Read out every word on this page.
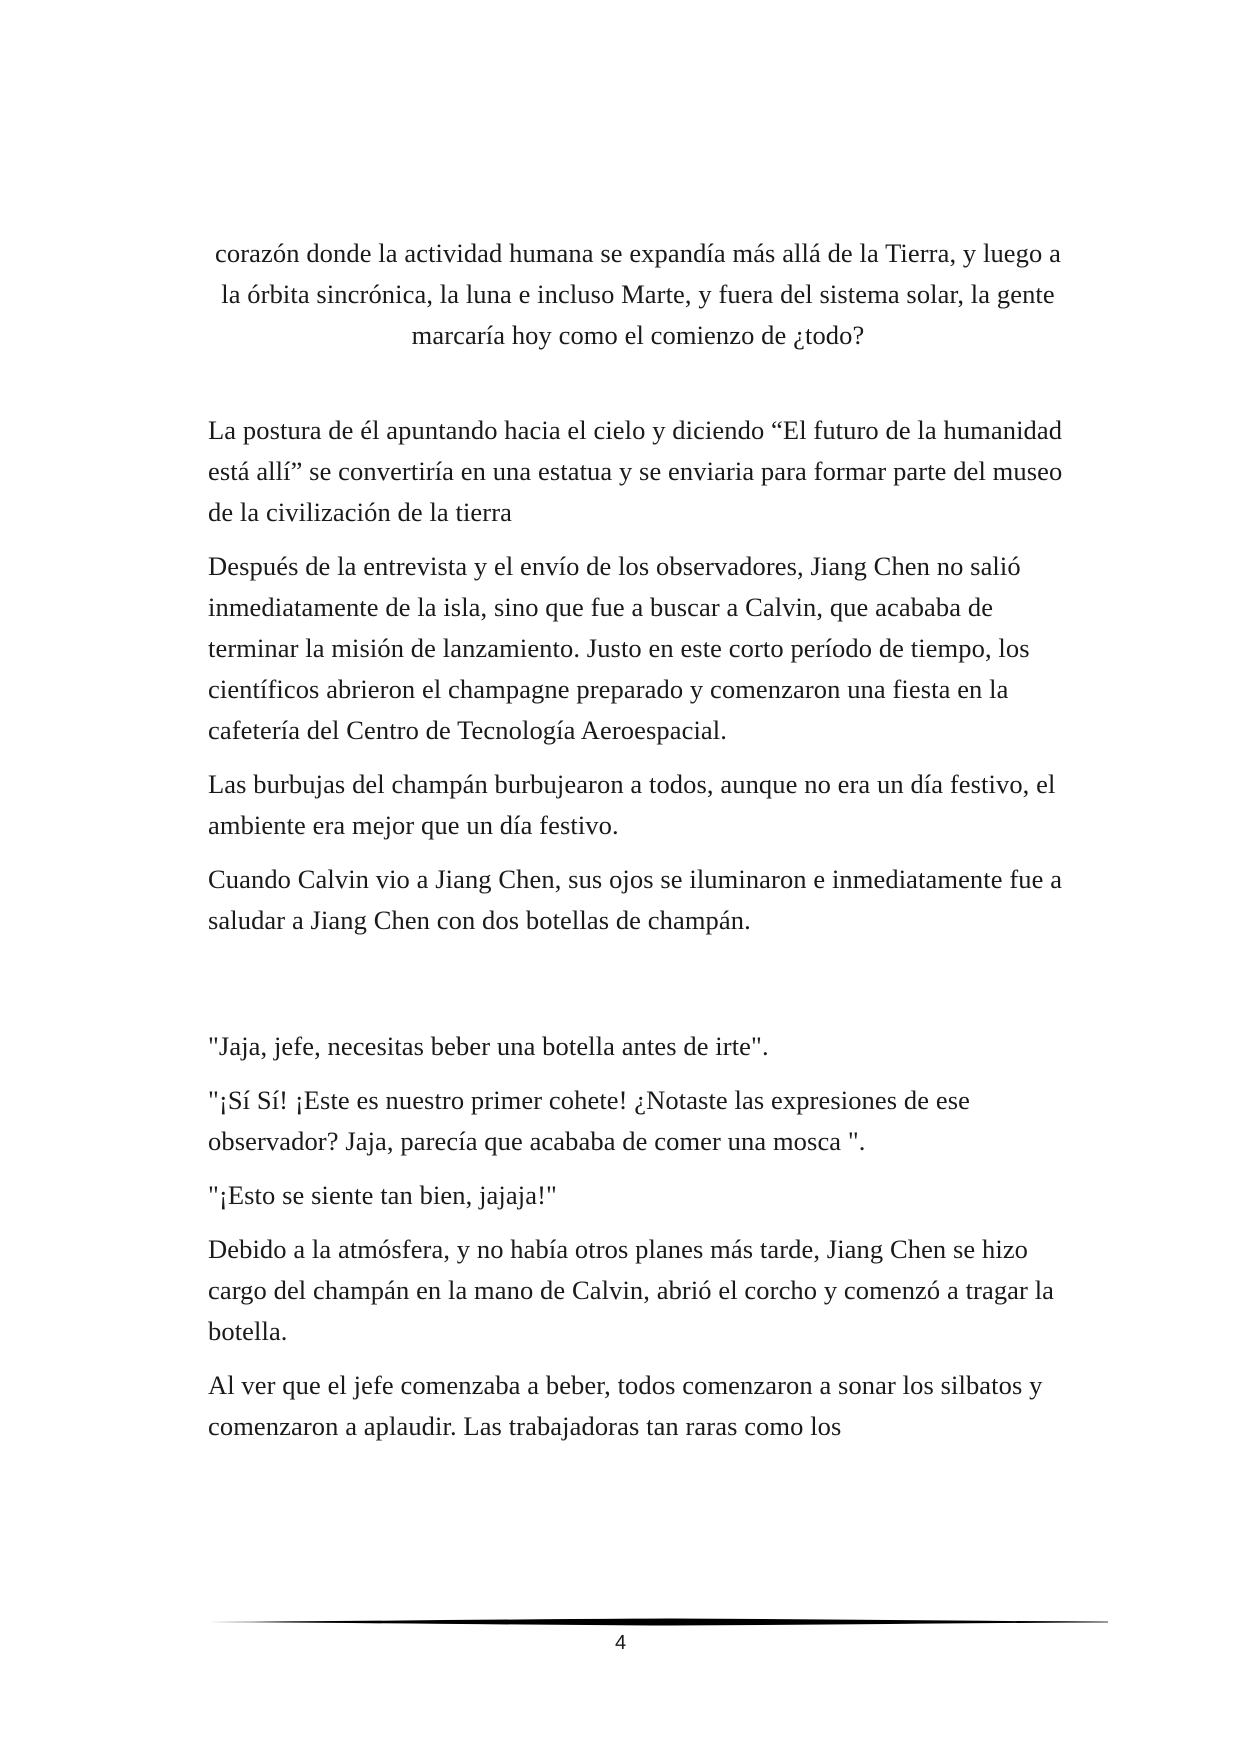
corazón donde la actividad humana se expandía más allá de la Tierra, y luego a la órbita sincrónica, la luna e incluso Marte, y fuera del sistema solar, la gente marcaría hoy como el comienzo de ¿todo?

La postura de él apuntando hacia el cielo y diciendo “El futuro de la humanidad está allí” se convertiría en una estatua y se enviaria para formar parte del museo de la civilización de la tierra

Después de la entrevista y el envío de los observadores, Jiang Chen no salió inmediatamente de la isla, sino que fue a buscar a Calvin, que acababa de terminar la misión de lanzamiento. Justo en este corto período de tiempo, los científicos abrieron el champagne preparado y comenzaron una fiesta en la cafetería del Centro de Tecnología Aeroespacial.

Las burbujas del champán burbujearon a todos, aunque no era un día festivo, el ambiente era mejor que un día festivo.

Cuando Calvin vio a Jiang Chen, sus ojos se iluminaron e inmediatamente fue a saludar a Jiang Chen con dos botellas de champán.

"Jaja, jefe, necesitas beber una botella antes de irte".

"¡Sí Sí! ¡Este es nuestro primer cohete! ¿Notaste las expresiones de ese observador? Jaja, parecía que acababa de comer una mosca ".

"¡Esto se siente tan bien, jajaja!"

Debido a la atmósfera, y no había otros planes más tarde, Jiang Chen se hizo cargo del champán en la mano de Calvin, abrió el corcho y comenzó a tragar la botella.

Al ver que el jefe comenzaba a beber, todos comenzaron a sonar los silbatos y comenzaron a aplaudir. Las trabajadoras tan raras como los

4
